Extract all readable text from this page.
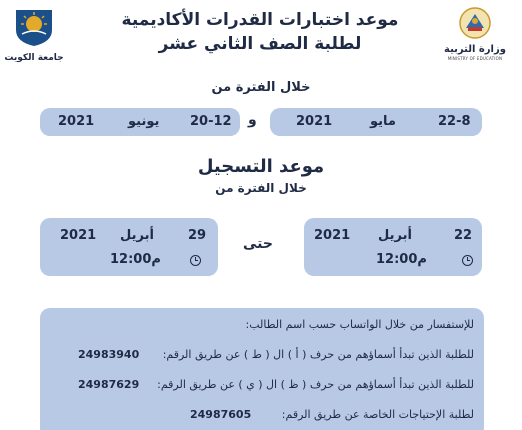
وزارة التربية
MINISTRY OF EDUCATION
جامعة الكويت
موعد اختبارات القدرات الأكاديمية
لطلبة الصف الثاني عشر
خلال الفترة من
2021	يونيو 20-12 و	2021	مايو	22-8
موعد التسجيل
خلال الفترة من
2021 أبريل	29
12:00م
حتى
2021 أبريل	22
12:00م
للإستفسار من خلال الواتساب حسب اسم الطالب:
للطلبة الذين تبدأ أسماؤهم من حرف ( أ ) ال ( ط ) عن طريق الرقم:
24983940
للطلبة الذين تبدأ أسماؤهم من حرف ( ظ ) ال ( ي ) عن طريق الرقم:
24987629
لطلبة الإحتياجات الخاصة عن طريق الرقم:
24987605
